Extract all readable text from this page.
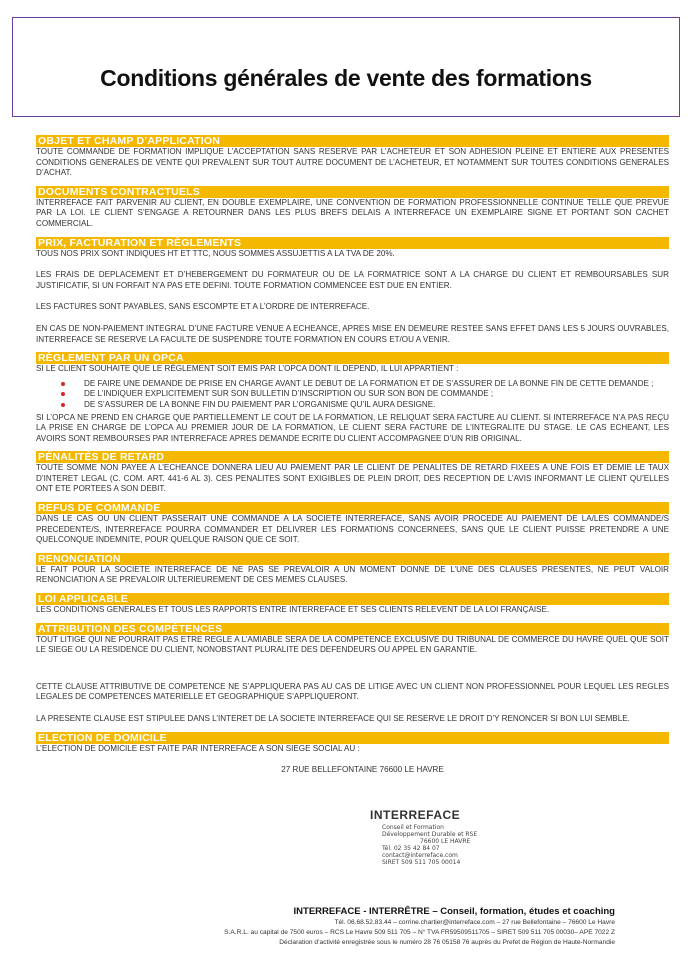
Conditions générales de vente des formations
OBJET ET CHAMP D’APPLICATION

TOUTE COMMANDE DE FORMATION IMPLIQUE L’ACCEPTATION SANS RESERVE PAR L’ACHETEUR ET SON ADHESION PLEINE ET ENTIERE AUX PRESENTES CONDITIONS GENERALES DE VENTE QUI PREVALENT SUR TOUT AUTRE DOCUMENT DE L’ACHETEUR, ET NOTAMMENT SUR TOUTES CONDITIONS GENERALES D’ACHAT.

DOCUMENTS CONTRACTUELS

INTERREFACE FAIT PARVENIR AU CLIENT, EN DOUBLE EXEMPLAIRE, UNE CONVENTION DE FORMATION PROFESSIONNELLE CONTINUE TELLE QUE PREVUE PAR LA LOI. LE CLIENT S’ENGAGE A RETOURNER DANS LES PLUS BREFS DELAIS A INTERREFACE UN EXEMPLAIRE SIGNE ET PORTANT SON CACHET COMMERCIAL.

PRIX, FACTURATION ET RÈGLEMENTS

TOUS NOS PRIX SONT INDIQUES HT ET TTC, NOUS SOMMES ASSUJETTIS A LA TVA DE 20%.

LES FRAIS DE DEPLACEMENT ET D’HEBERGEMENT DU FORMATEUR OU DE LA FORMATRICE SONT A LA CHARGE DU CLIENT ET REMBOURSABLES SUR JUSTIFICATIF, SI UN FORFAIT N’A PAS ETE DEFINI. TOUTE FORMATION COMMENCEE EST DUE EN ENTIER.

LES FACTURES SONT PAYABLES, SANS ESCOMPTE ET A L’ORDRE DE INTERREFACE.

EN CAS DE NON-PAIEMENT INTEGRAL D’UNE FACTURE VENUE A ECHEANCE, APRES MISE EN DEMEURE RESTEE SANS EFFET DANS LES 5 JOURS OUVRABLES, INTERREFACE SE RESERVE LA FACULTE DE SUSPENDRE TOUTE FORMATION EN COURS ET/OU A VENIR.

RÈGLEMENT PAR UN OPCA

SI LE CLIENT SOUHAITE QUE LE RÈGLEMENT SOIT EMIS PAR L’OPCA DONT IL DEPEND, IL LUI APPARTIENT :

DE FAIRE UNE DEMANDE DE PRISE EN CHARGE AVANT LE DEBUT DE LA FORMATION ET DE S’ASSURER DE LA BONNE FIN DE CETTE DEMANDE ;
DE L’INDIQUER EXPLICITEMENT SUR SON BULLETIN D’INSCRIPTION OU SUR SON BON DE COMMANDE ;
DE S’ASSURER DE LA BONNE FIN DU PAIEMENT PAR L’ORGANISME QU’IL AURA DESIGNE.

SI L’OPCA NE PREND EN CHARGE QUE PARTIELLEMENT LE COUT DE LA FORMATION, LE RELIQUAT SERA FACTURE AU CLIENT. SI INTERREFACE N’A PAS REÇU LA PRISE EN CHARGE DE L’OPCA AU PREMIER JOUR DE LA FORMATION, LE CLIENT SERA FACTURE DE L’INTEGRALITE DU STAGE. LE CAS ECHEANT, LES AVOIRS SONT REMBOURSES PAR INTERREFACE APRES DEMANDE ECRITE DU CLIENT ACCOMPAGNEE D’UN RIB ORIGINAL.

PÉNALITÉS DE RETARD

TOUTE SOMME NON PAYEE A L’ECHEANCE DONNERA LIEU AU PAIEMENT PAR LE CLIENT DE PENALITES DE RETARD FIXEES A UNE FOIS ET DEMIE LE TAUX D’INTERET LEGAL (C. COM. ART. 441-6 AL 3). CES PENALITES SONT EXIGIBLES DE PLEIN DROIT, DES RECEPTION DE L’AVIS INFORMANT LE CLIENT QU’ELLES ONT ETE PORTEES A SON DEBIT.

REFUS DE COMMANDE

DANS LE CAS OU UN CLIENT PASSERAIT UNE COMMANDE A LA SOCIETE INTERREFACE, SANS AVOIR PROCEDE AU PAIEMENT DE LA/LES COMMANDE/S PRECEDENTE/S, INTERREFACE POURRA COMMANDER ET DELIVRER LES FORMATIONS CONCERNEES, SANS QUE LE CLIENT PUISSE PRETENDRE A UNE QUELCONQUE INDEMNITE, POUR QUELQUE RAISON QUE CE SOIT.

RENONCIATION

LE FAIT POUR LA SOCIETE INTERREFACE DE NE PAS SE PREVALOIR A UN MOMENT DONNE DE L’UNE DES CLAUSES PRESENTES, NE PEUT VALOIR RENONCIATION A SE PREVALOIR ULTERIEUREMENT DE CES MEMES CLAUSES.

LOI APPLICABLE

LES CONDITIONS GENERALES ET TOUS LES RAPPORTS ENTRE INTERREFACE ET SES CLIENTS RELEVENT DE LA LOI FRANÇAISE.

ATTRIBUTION DES COMPÉTENCES

TOUT LITIGE QUI NE POURRAIT PAS ETRE REGLE A L’AMIABLE SERA DE LA COMPETENCE EXCLUSIVE DU TRIBUNAL DE COMMERCE DU HAVRE QUEL QUE SOIT LE SIEGE OU LA RESIDENCE DU CLIENT, NONOBSTANT PLURALITE DES DEFENDEURS OU APPEL EN GARANTIE.

CETTE CLAUSE ATTRIBUTIVE DE COMPETENCE NE S’APPLIQUERA PAS AU CAS DE LITIGE AVEC UN CLIENT NON PROFESSIONNEL POUR LEQUEL LES REGLES LEGALES DE COMPETENCES MATERIELLE ET GEOGRAPHIQUE S’APPLIQUERONT.

LA PRESENTE CLAUSE EST STIPULEE DANS L’INTERET DE LA SOCIETE INTERREFACE QUI SE RESERVE LE DROIT D’Y RENONCER SI BON LUI SEMBLE.

ELECTION DE DOMICILE

L’ELECTION DE DOMICILE EST FAITE PAR INTERREFACE A SON SIEGE SOCIAL AU :

27 RUE BELLEFONTAINE 76600 LE HAVRE
INTERREFACE
Conseil et Formation
Développement Durable et RSE
76600 LE HAVRE
Tél. 02 35 42 84 07
contact@interreface.com
SIRET 509 511 705 00014
INTERREFACE - INTERRÊTRE – Conseil, formation, études et coaching
Tél. 06.68.52.83.44 – corrine.chartier@interreface.com – 27 rue Bellefontaine – 76600 Le Havre
S.A.R.L. au capital de 7500 euros – RCS Le Havre 509 511 705 – N° TVA FR59509511705 – SIRET 509 511 705 00030– APE 7022 Z
Déclaration d’activité enregistrée sous le numéro 28 76 05158 76 auprès du Prefet de Région de Haute-Normandie
